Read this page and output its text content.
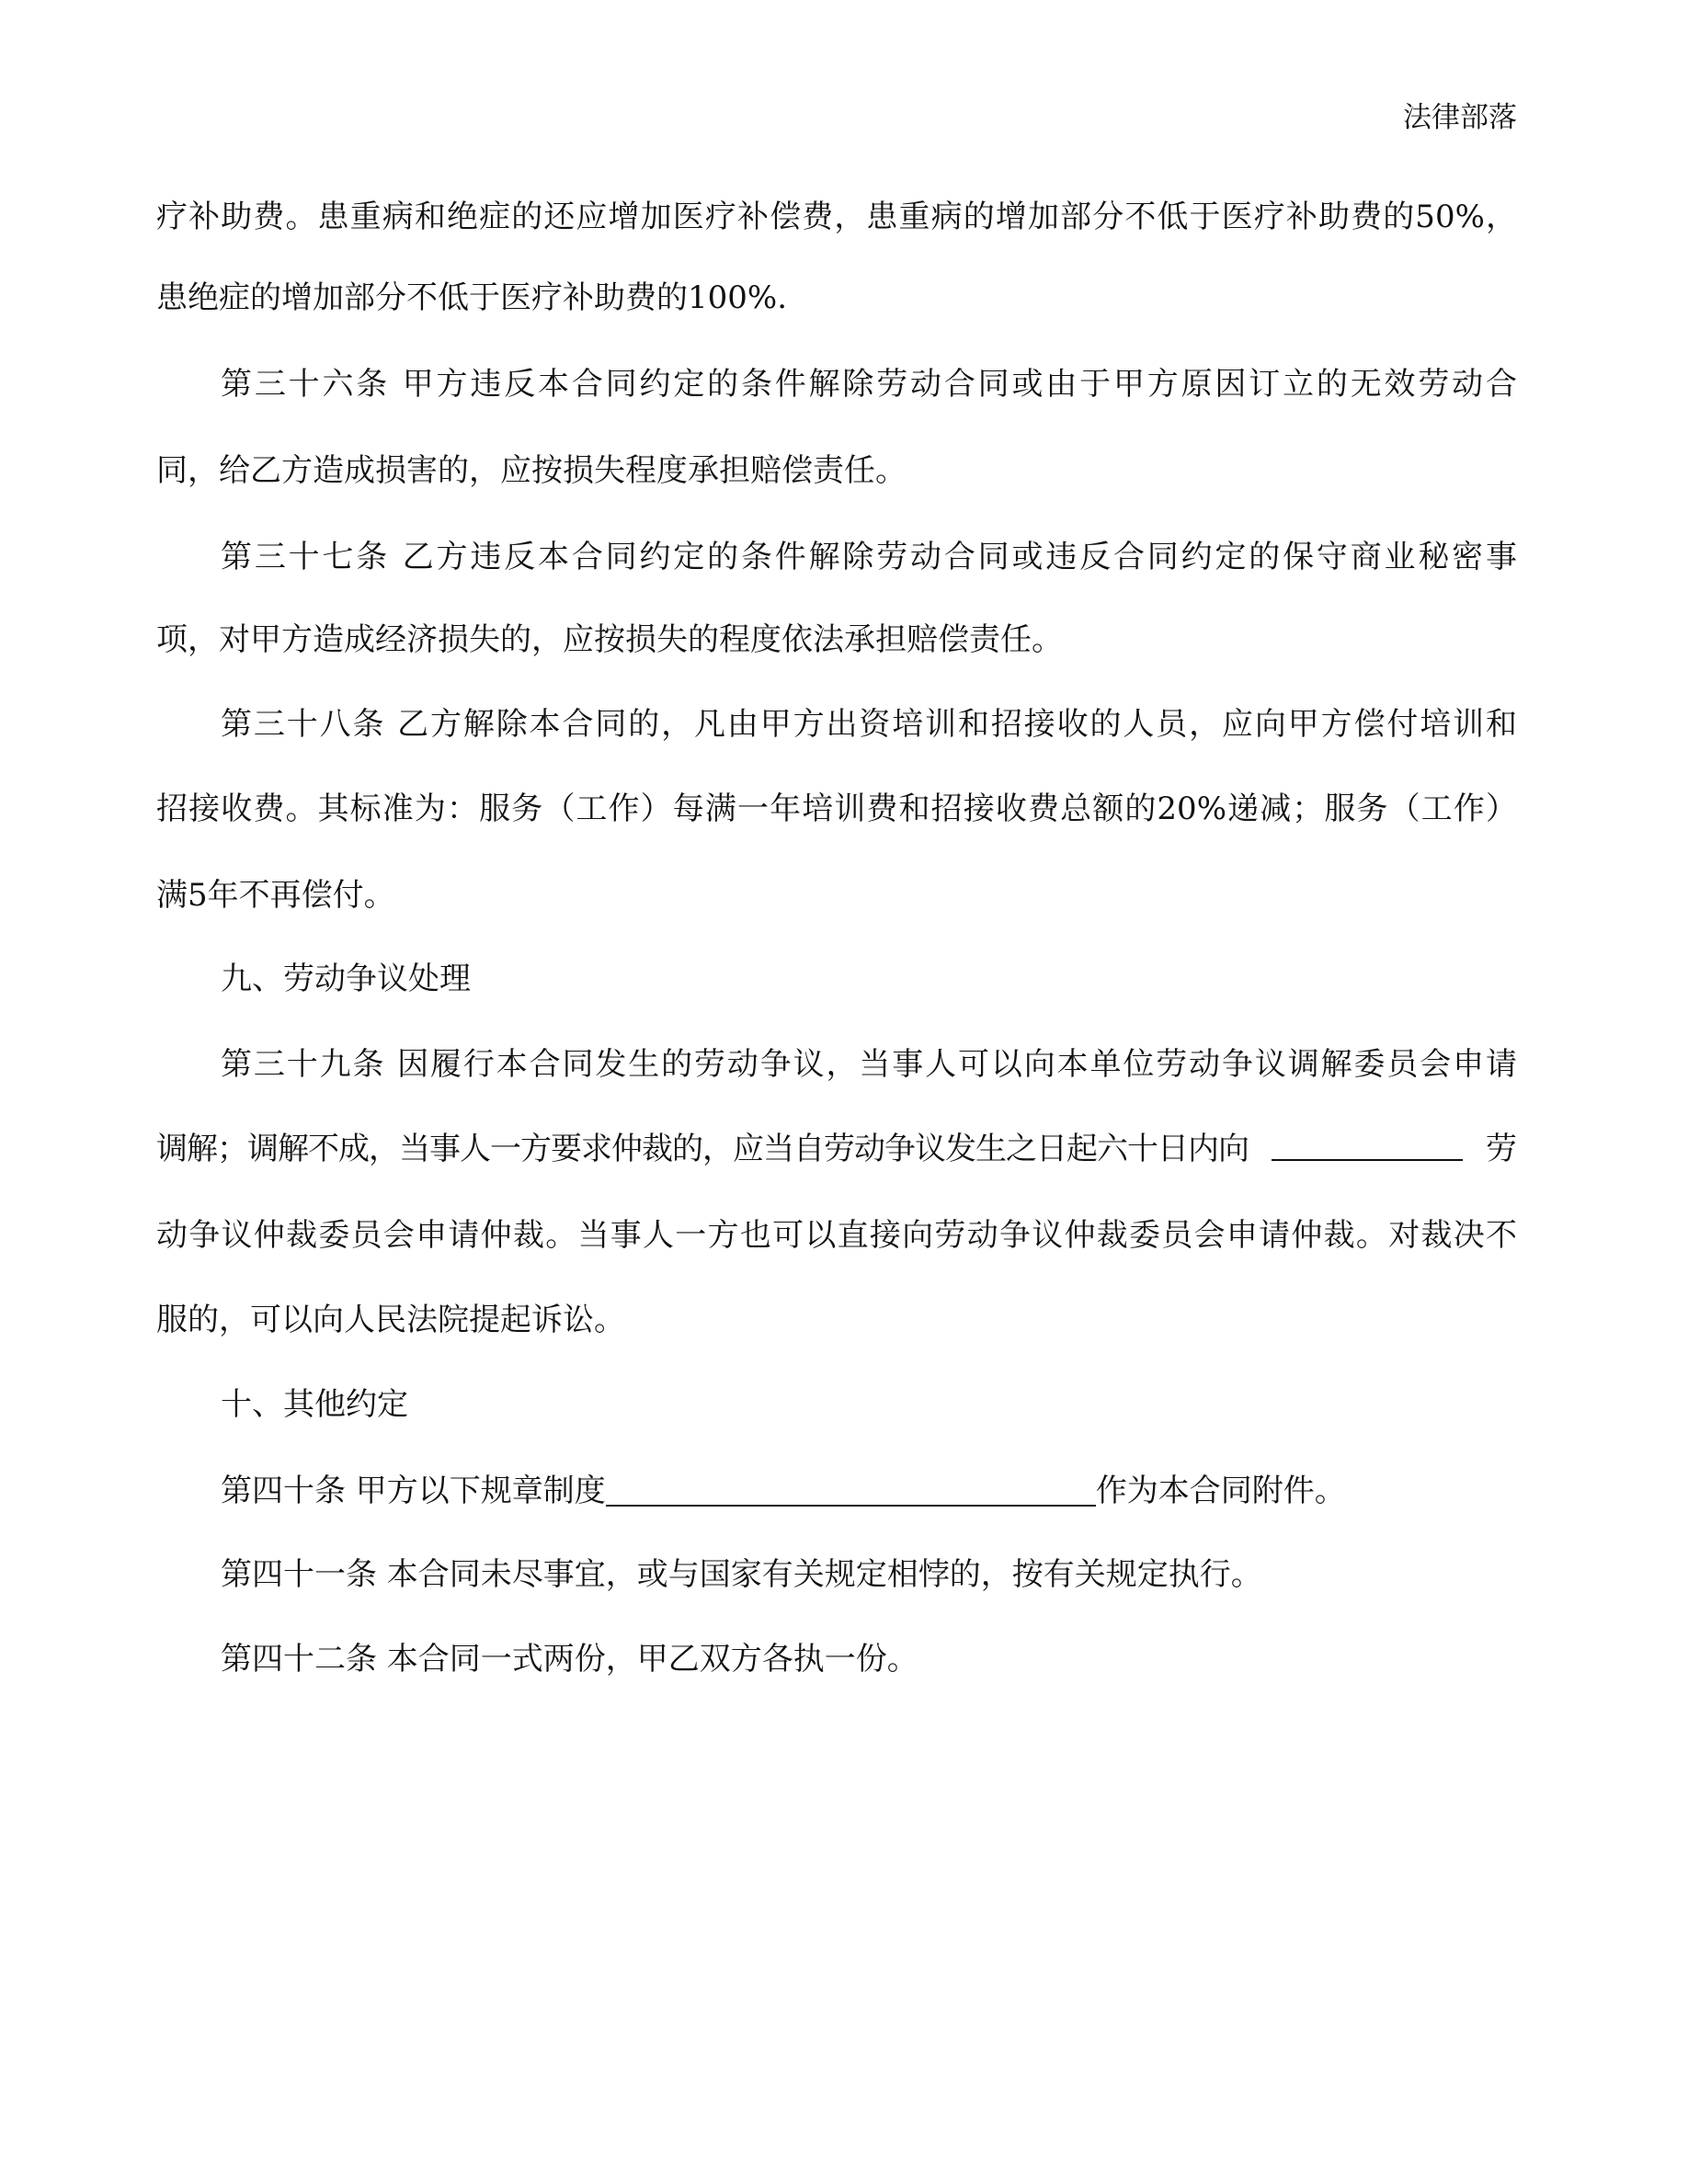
法律部落
疗补助费。患重病和绝症的还应增加医疗补偿费，患重病的增加部分不低于医疗补助费的50%，
患绝症的增加部分不低于医疗补助费的100%.
第三十六条 甲方违反本合同约定的条件解除劳动合同或由于甲方原因订立的无效劳动合
同，给乙方造成损害的，应按损失程度承担赔偿责任。
第三十七条 乙方违反本合同约定的条件解除劳动合同或违反合同约定的保守商业秘密事
项，对甲方造成经济损失的，应按损失的程度依法承担赔偿责任。
第三十八条 乙方解除本合同的，凡由甲方出资培训和招接收的人员，应向甲方偿付培训和
招接收费。其标准为：服务（工作）每满一年培训费和招接收费总额的20%递减；服务（工作）
满5年不再偿付。
九、劳动争议处理
第三十九条 因履行本合同发生的劳动争议，当事人可以向本单位劳动争议调解委员会申请
调解；调解不成，当事人一方要求仲裁的，应当自劳动争议发生之日起六十日内向	劳
动争议仲裁委员会申请仲裁。当事人一方也可以直接向劳动争议仲裁委员会申请仲裁。对裁决不
服的，可以向人民法院提起诉讼。
十、其他约定
第四十条 甲方以下规章制度	作为本合同附件。
第四十一条 本合同未尽事宜，或与国家有关规定相悖的，按有关规定执行。
第四十二条 本合同一式两份，甲乙双方各执一份。
